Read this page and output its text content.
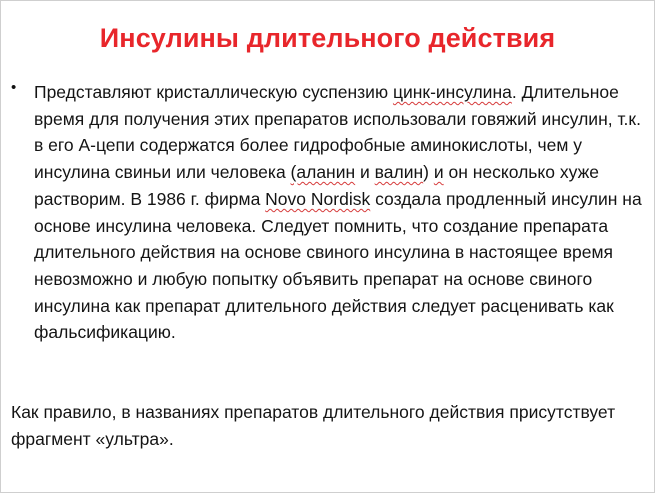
Инсулины длительного действия
• Представляют кристаллическую суспензию цинк-инсулина. Длительное время для получения этих препаратов использовали говяжий инсулин, т.к. в его А-цепи содержатся более гидрофобные аминокислоты, чем у инсулина свиньи или человека (аланин и валин) и он несколько хуже растворим. В 1986 г. фирма Novo Nordisk создала продленный инсулин на основе инсулина человека. Следует помнить, что создание препарата длительного действия на основе свиного инсулина в настоящее время невозможно и любую попытку объявить препарат на основе свиного инсулина как препарат длительного действия следует расценивать как фальсификацию.
Как правило, в названиях препаратов длительного действия присутствует фрагмент «ультра».
